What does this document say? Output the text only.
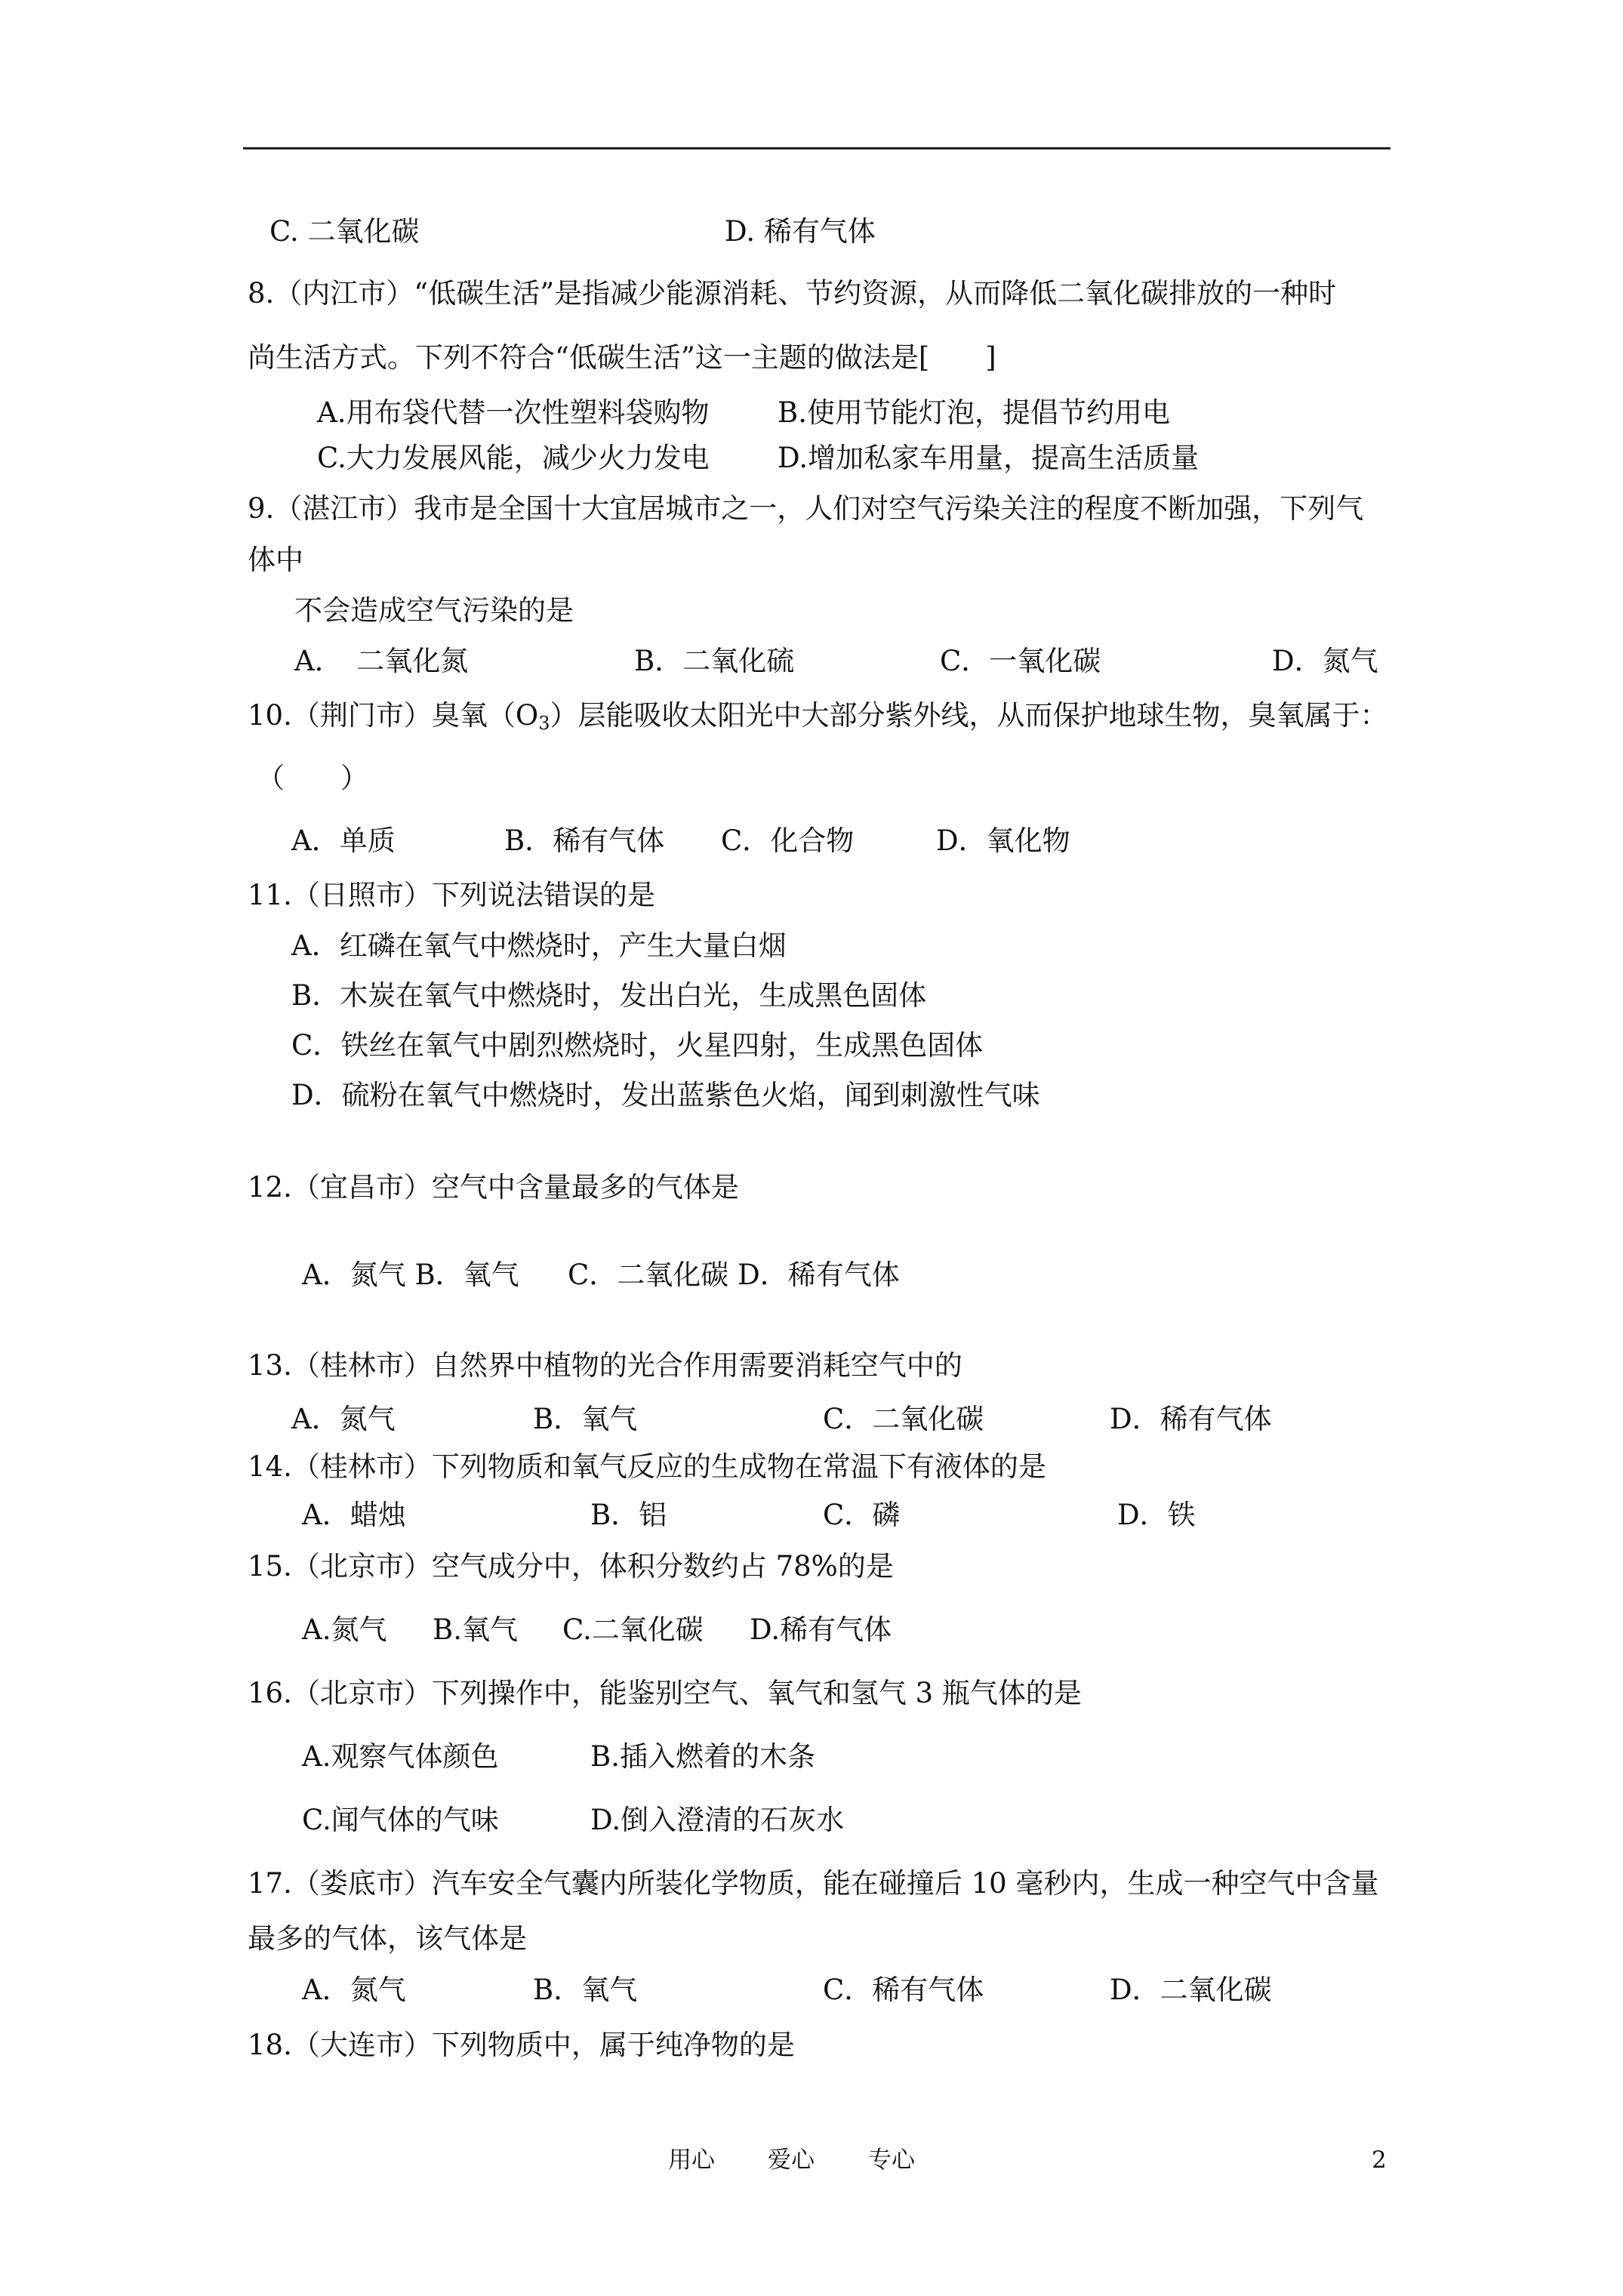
C. 二氧化碳	D. 稀有气体
8.（内江市）“低碳生活”是指减少能源消耗、节约资源，从而降低二氧化碳排放的一种时
尚生活方式。下列不符合“低碳生活”这一主题的做法是[　　]
A.用布袋代替一次性塑料袋购物 B.使用节能灯泡，提倡节约用电
C.大力发展风能，减少火力发电 D.增加私家车用量，提高生活质量
9.（湛江市）我市是全国十大宜居城市之一，人们对空气污染关注的程度不断加强，下列气
体中
不会造成空气污染的是
A．　二氧化氮	B．二氧化硫	C．一氧化碳	D．氮气
10.（荆门市）臭氧$(O_3)$层能吸收太阳光中大部分紫外线，从而保护地球生物，臭氧属于：
（　　）
A．单质	B．稀有气体 C．化合物	D．氧化物
11.（日照市）下列说法错误的是
A．红磷在氧气中燃烧时，产生大量白烟
B．木炭在氧气中燃烧时，发出白光，生成黑色固体
C．铁丝在氧气中剧烈燃烧时，火星四射，生成黑色固体
D．硫粉在氧气中燃烧时，发出蓝紫色火焰，闻到刺激性气味
12.（宜昌市）空气中含量最多的气体是
A．氮气 B．氧气 C．二氧化碳 D．稀有气体
13.（桂林市）自然界中植物的光合作用需要消耗空气中的
A．氮气	B．氧气	C．二氧化碳	D．稀有气体
14.（桂林市）下列物质和氧气反应的生成物在常温下有液体的是
A．蜡烛	B．铝	C．磷	D．铁
15.（北京市）空气成分中，体积分数约占 78%的是
A.氮气 B.氧气 C.二氧化碳 D.稀有气体
16.（北京市）下列操作中，能鉴别空气、氧气和氢气 3 瓶气体的是
A.观察气体颜色	B.插入燃着的木条
C.闻气体的气味	D.倒入澄清的石灰水
17.（娄底市）汽车安全气囊内所装化学物质，能在碰撞后 10 毫秒内，生成一种空气中含量
最多的气体，该气体是
A．氮气	B．氧气	C．稀有气体	D．二氧化碳
18.（大连市）下列物质中，属于纯净物的是
用心 爱心 专心	2
